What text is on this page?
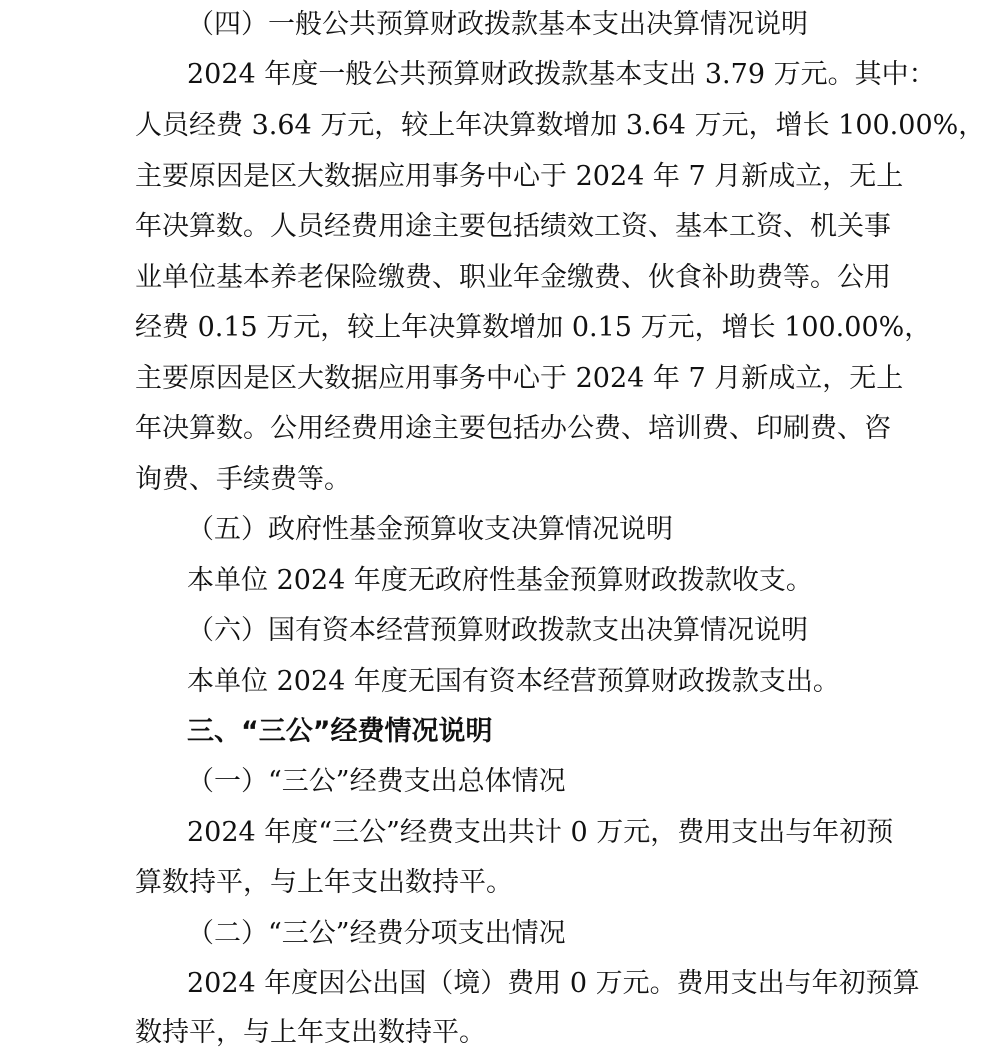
（四）一般公共预算财政拨款基本支出决算情况说明
2024 年度一般公共预算财政拨款基本支出 3.79 万元。其中：
人员经费 3.64 万元，较上年决算数增加 3.64 万元，增长 100.00%，
主要原因是区大数据应用事务中心于 2024 年 7 月新成立，无上
年决算数。人员经费用途主要包括绩效工资、基本工资、机关事
业单位基本养老保险缴费、职业年金缴费、伙食补助费等。公用
经费 0.15 万元，较上年决算数增加 0.15 万元，增长 100.00%，
主要原因是区大数据应用事务中心于 2024 年 7 月新成立，无上
年决算数。公用经费用途主要包括办公费、培训费、印刷费、咨
询费、手续费等。
（五）政府性基金预算收支决算情况说明
本单位 2024 年度无政府性基金预算财政拨款收支。
（六）国有资本经营预算财政拨款支出决算情况说明
本单位 2024 年度无国有资本经营预算财政拨款支出。
三、“三公”经费情况说明
（一）“三公”经费支出总体情况
2024 年度“三公”经费支出共计 0 万元，费用支出与年初预
算数持平，与上年支出数持平。
（二）“三公”经费分项支出情况
2024 年度因公出国（境）费用 0 万元。费用支出与年初预算
数持平，与上年支出数持平。
